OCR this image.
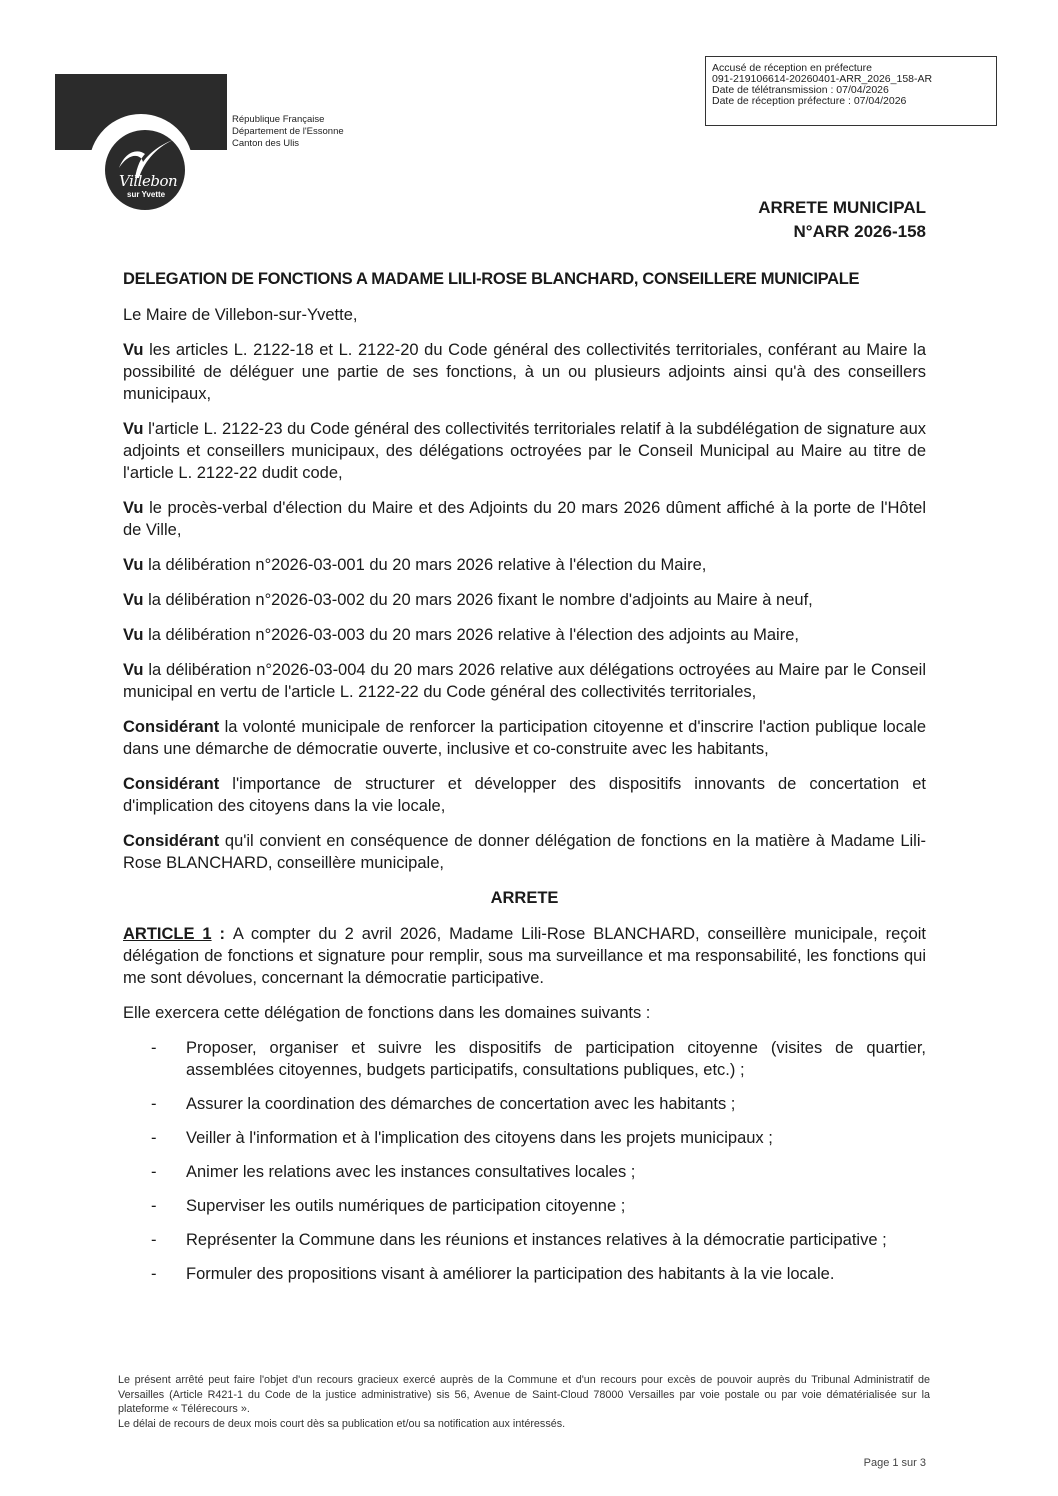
Villebon
sur Yvette
République Française
Département de l'Essonne
Canton des Ulis
Accusé de réception en préfecture
091-219106614-20260401-ARR_2026_158-AR
Date de télétransmission : 07/04/2026
Date de réception préfecture : 07/04/2026
ARRETE MUNICIPAL
N°ARR 2026-158

DELEGATION DE FONCTIONS A MADAME LILI-ROSE BLANCHARD, CONSEILLERE MUNICIPALE

Le Maire de Villebon-sur-Yvette,

Vu les articles L. 2122-18 et L. 2122-20 du Code général des collectivités territoriales, conférant au Maire la possibilité de déléguer une partie de ses fonctions, à un ou plusieurs adjoints ainsi qu'à des conseillers municipaux,

Vu l'article L. 2122-23 du Code général des collectivités territoriales relatif à la subdélégation de signature aux adjoints et conseillers municipaux, des délégations octroyées par le Conseil Municipal au Maire au titre de l'article L. 2122-22 dudit code,

Vu le procès-verbal d'élection du Maire et des Adjoints du 20 mars 2026 dûment affiché à la porte de l'Hôtel de Ville,

Vu la délibération n°2026-03-001 du 20 mars 2026 relative à l'élection du Maire,

Vu la délibération n°2026-03-002 du 20 mars 2026 fixant le nombre d'adjoints au Maire à neuf,

Vu la délibération n°2026-03-003 du 20 mars 2026 relative à l'élection des adjoints au Maire,

Vu la délibération n°2026-03-004 du 20 mars 2026 relative aux délégations octroyées au Maire par le Conseil municipal en vertu de l'article L. 2122-22 du Code général des collectivités territoriales,

Considérant la volonté municipale de renforcer la participation citoyenne et d'inscrire l'action publique locale dans une démarche de démocratie ouverte, inclusive et co-construite avec les habitants,

Considérant l'importance de structurer et développer des dispositifs innovants de concertation et d'implication des citoyens dans la vie locale,

Considérant qu'il convient en conséquence de donner délégation de fonctions en la matière à Madame Lili-Rose BLANCHARD, conseillère municipale,

ARRETE

ARTICLE 1 : A compter du 2 avril 2026, Madame Lili-Rose BLANCHARD, conseillère municipale, reçoit délégation de fonctions et signature pour remplir, sous ma surveillance et ma responsabilité, les fonctions qui me sont dévolues, concernant la démocratie participative.

Elle exercera cette délégation de fonctions dans les domaines suivants :

- Proposer, organiser et suivre les dispositifs de participation citoyenne (visites de quartier, assemblées citoyennes, budgets participatifs, consultations publiques, etc.) ;
- Assurer la coordination des démarches de concertation avec les habitants ;
- Veiller à l'information et à l'implication des citoyens dans les projets municipaux ;
- Animer les relations avec les instances consultatives locales ;
- Superviser les outils numériques de participation citoyenne ;
- Représenter la Commune dans les réunions et instances relatives à la démocratie participative ;
- Formuler des propositions visant à améliorer la participation des habitants à la vie locale.

Le présent arrêté peut faire l'objet d'un recours gracieux exercé auprès de la Commune et d'un recours pour excès de pouvoir auprès du Tribunal Administratif de Versailles (Article R421-1 du Code de la justice administrative) sis 56, Avenue de Saint-Cloud 78000 Versailles par voie postale ou par voie dématérialisée sur la plateforme « Télérecours ».

Le délai de recours de deux mois court dès sa publication et/ou sa notification aux intéressés.

Page 1 sur 3
